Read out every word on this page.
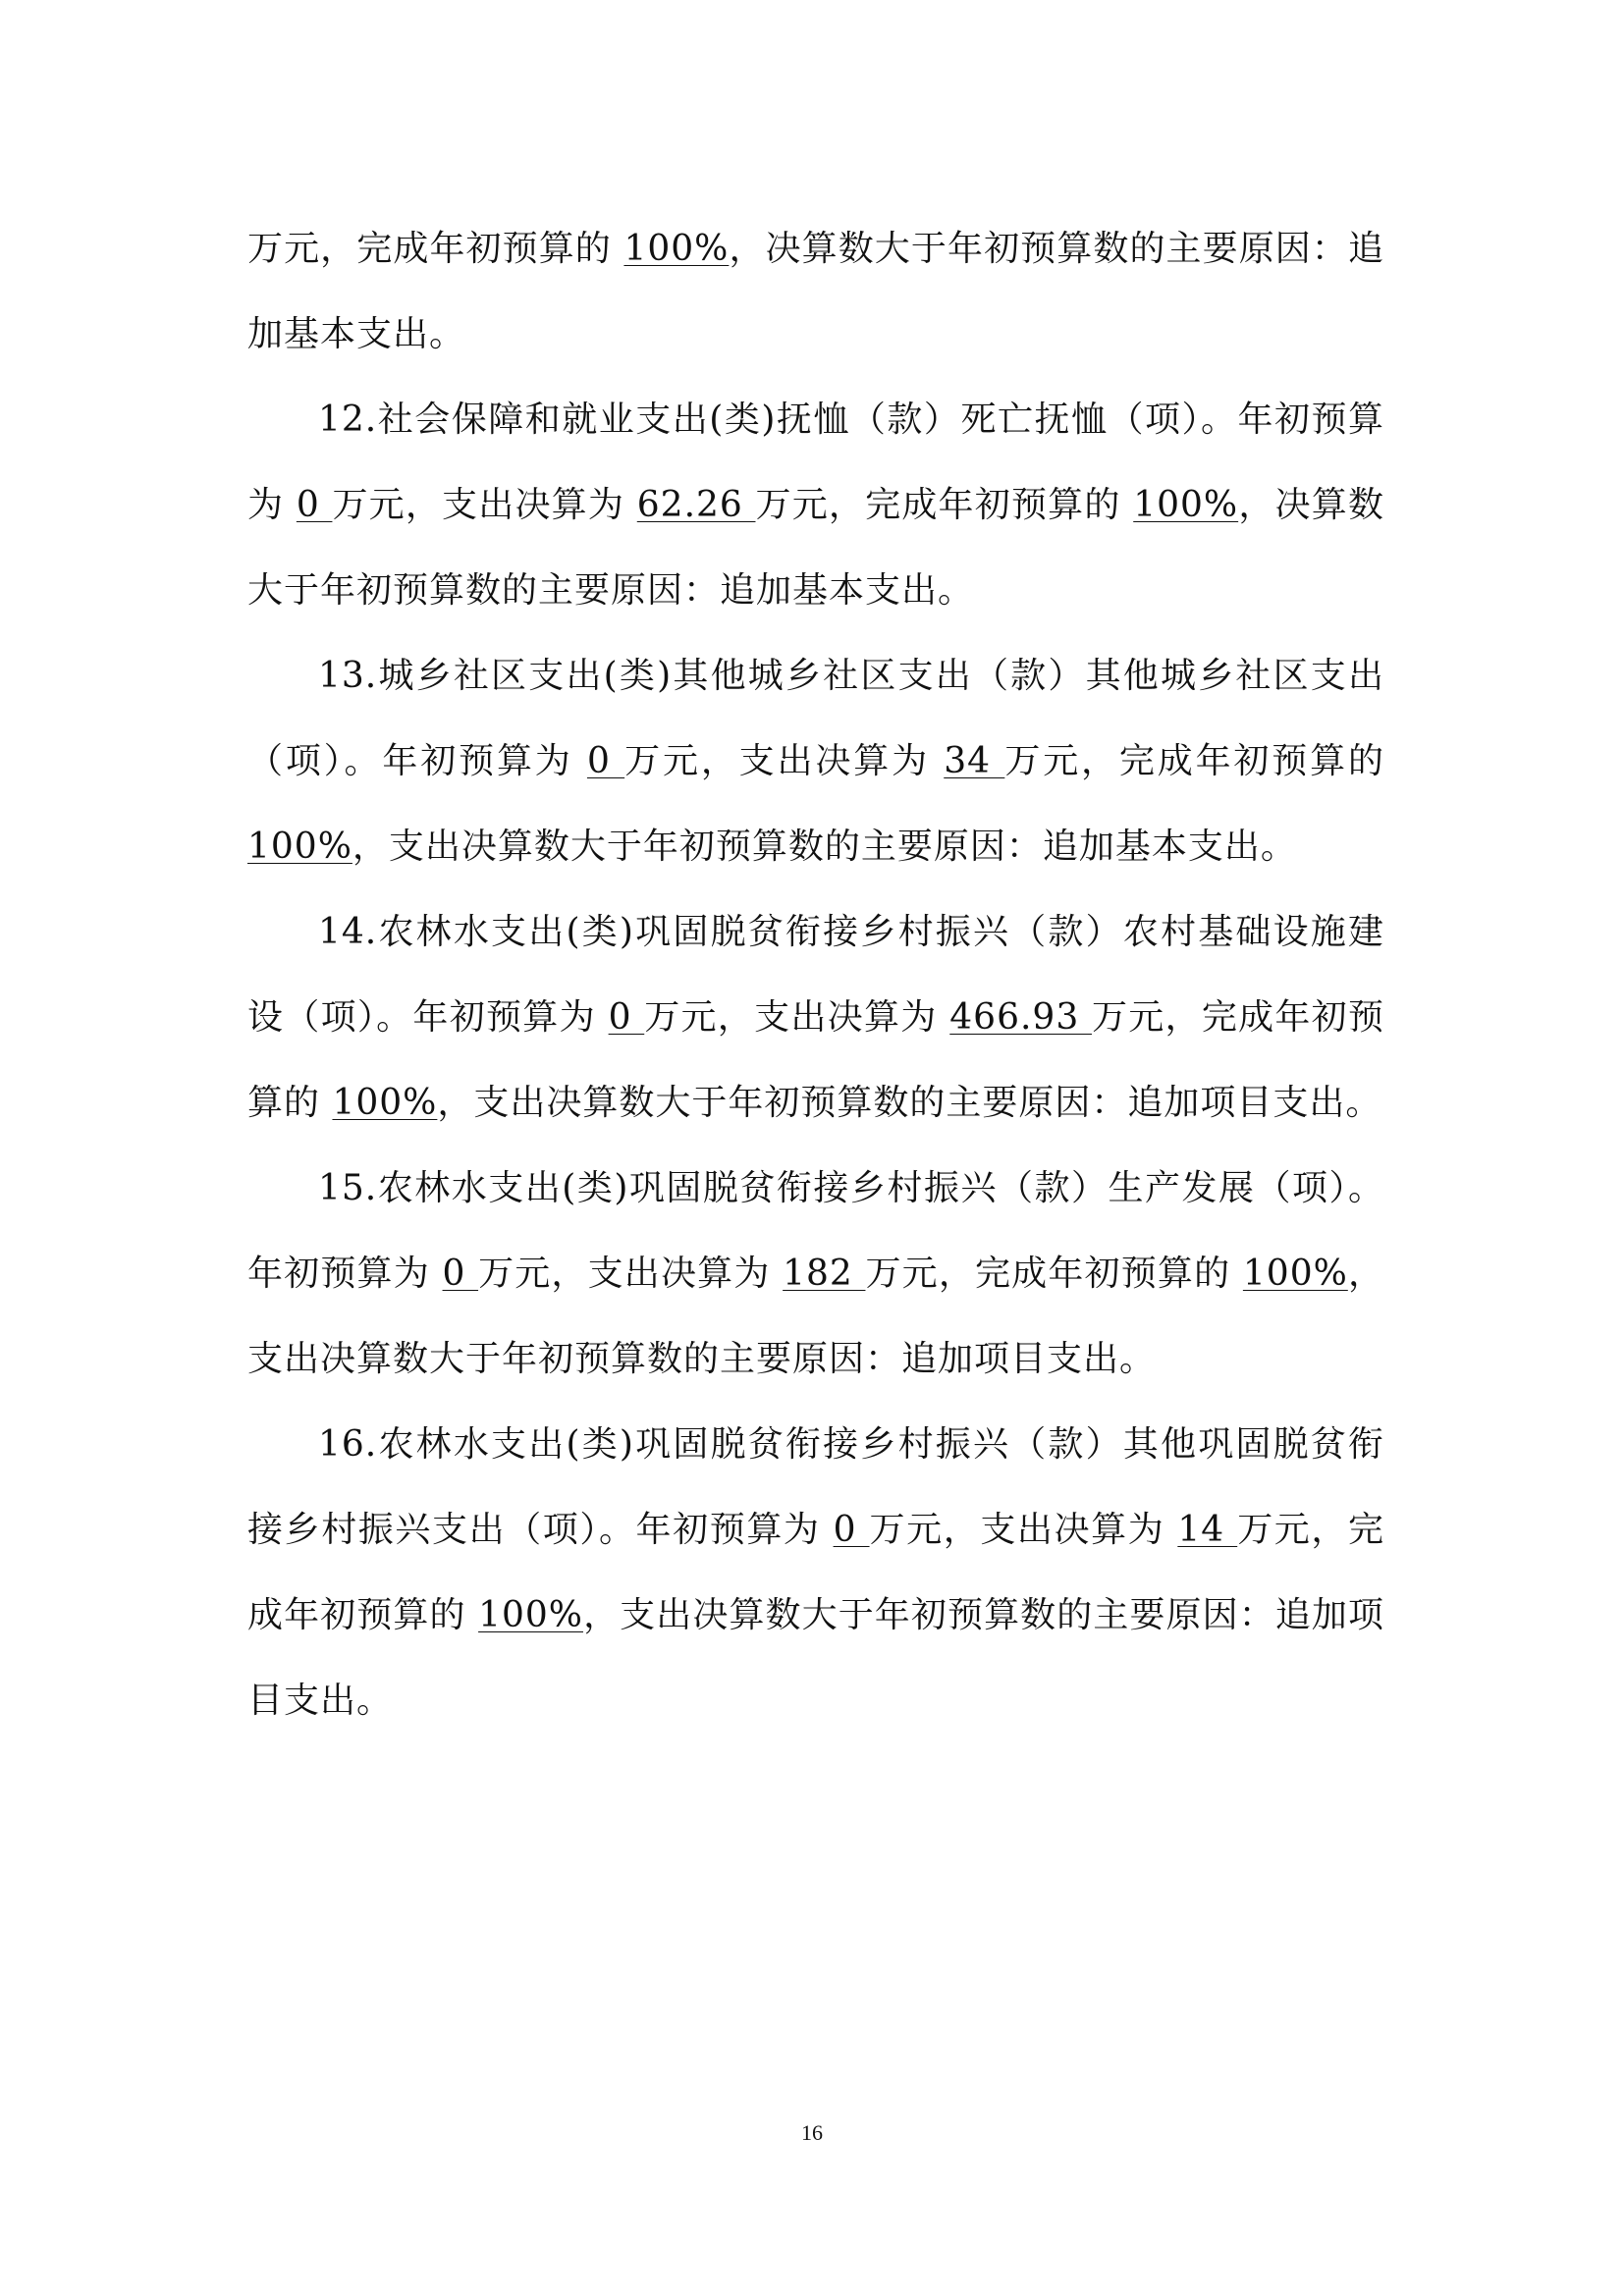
万元，完成年初预算的 100%，决算数大于年初预算数的主要原因：追加基本支出。

12.社会保障和就业支出(类)抚恤（款）死亡抚恤（项）。年初预算为 0 万元，支出决算为 62.26 万元，完成年初预算的 100%，决算数大于年初预算数的主要原因：追加基本支出。

13.城乡社区支出(类)其他城乡社区支出（款）其他城乡社区支出（项）。年初预算为 0 万元，支出决算为 34 万元，完成年初预算的 100%，支出决算数大于年初预算数的主要原因：追加基本支出。

14.农林水支出(类)巩固脱贫衔接乡村振兴（款）农村基础设施建设（项）。年初预算为 0 万元，支出决算为 466.93 万元，完成年初预算的 100%，支出决算数大于年初预算数的主要原因：追加项目支出。

15.农林水支出(类)巩固脱贫衔接乡村振兴（款）生产发展（项）。年初预算为 0 万元，支出决算为 182 万元，完成年初预算的 100%，支出决算数大于年初预算数的主要原因：追加项目支出。

16.农林水支出(类)巩固脱贫衔接乡村振兴（款）其他巩固脱贫衔接乡村振兴支出（项）。年初预算为 0 万元，支出决算为 14 万元，完成年初预算的 100%，支出决算数大于年初预算数的主要原因：追加项目支出。

16
